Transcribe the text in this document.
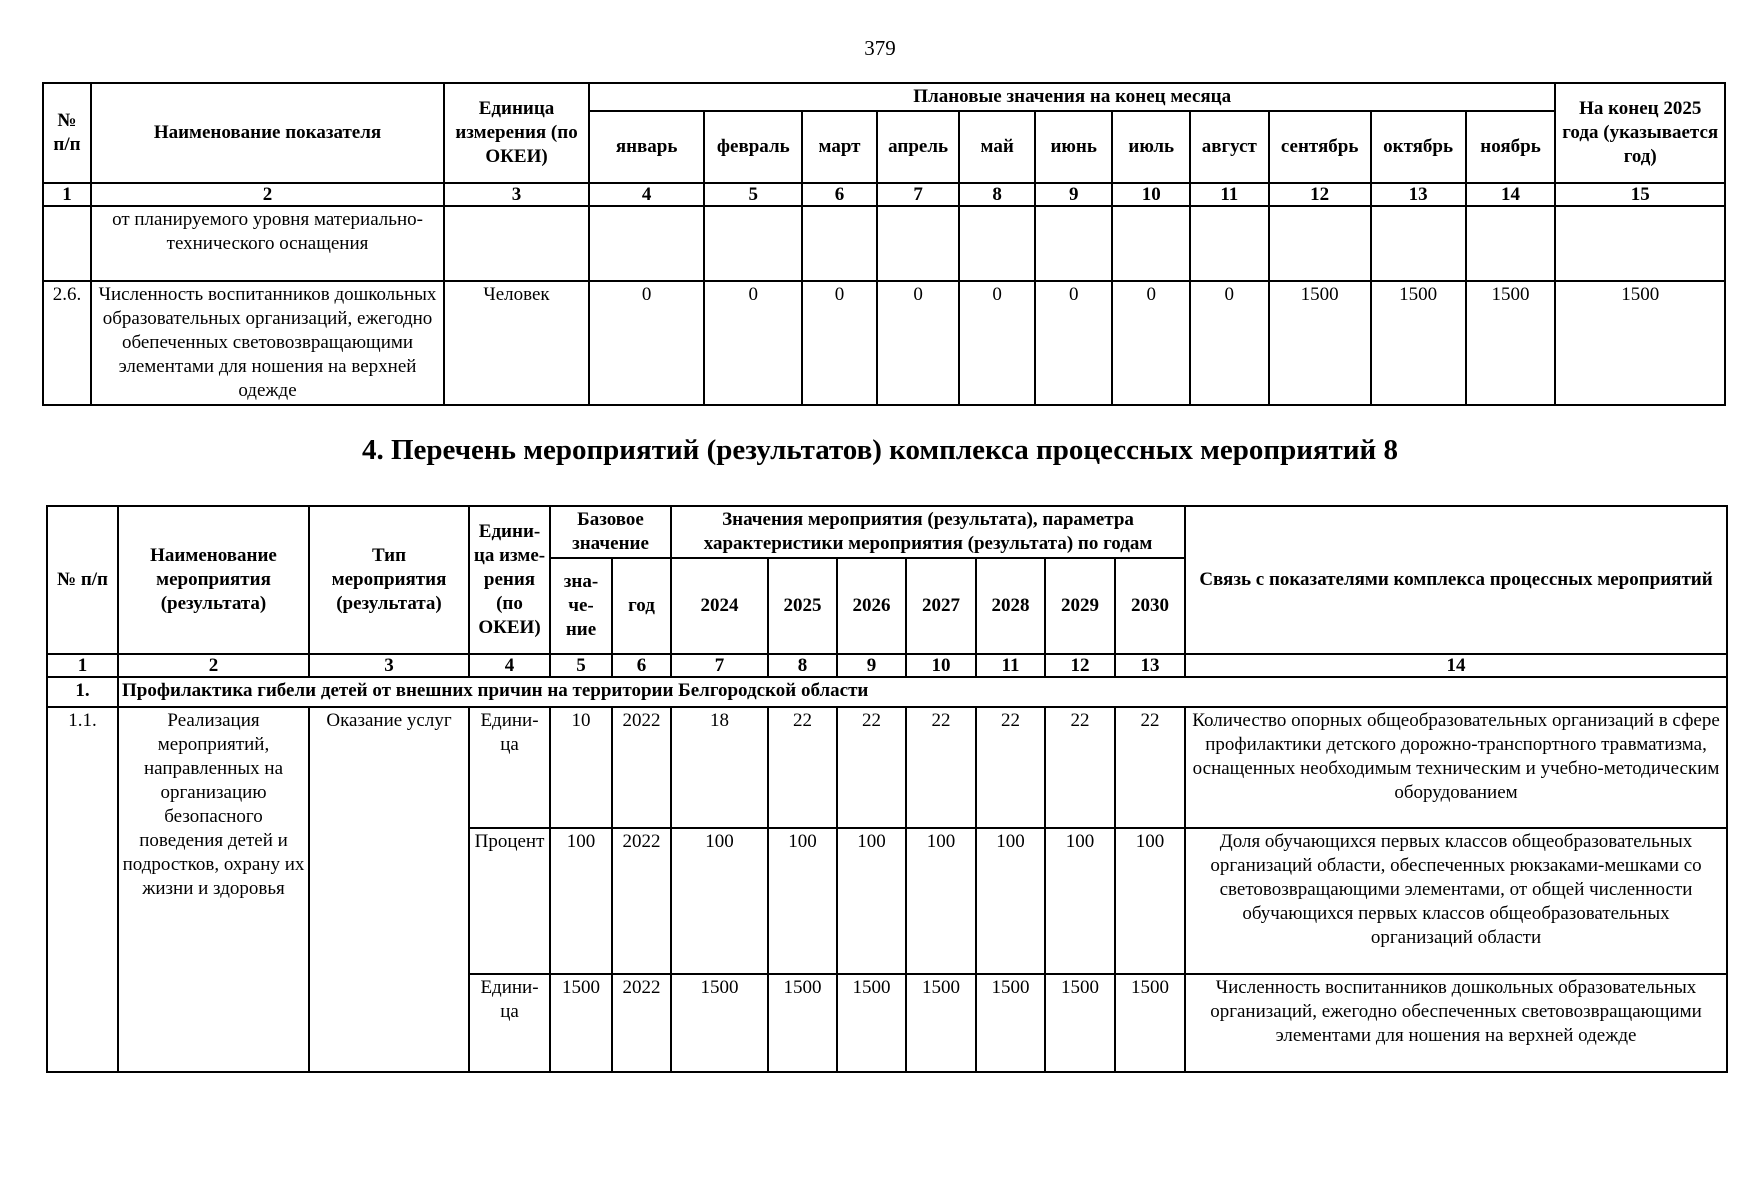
379
№ п/п	Наименование показателя	Единица измерения (по ОКЕИ)	Плановые значения на конец месяца											На конец 2025 года (указывается год)
			январь	февраль	март	апрель	май	июнь	июль	август	сентябрь	октябрь	ноябрь	
1	2	3	4	5	6	7	8	9	10	11	12	13	14	15
	от планируемого уровня материально-технического оснащения													
2.6.	Численность воспитанников дошкольных образовательных организаций, ежегодно обепеченных световозвращающими элементами для ношения на верхней одежде	Человек	0	0	0	0	0	0	0	0	1500	1500	1500	1500
4. Перечень мероприятий (результатов) комплекса процессных мероприятий 8
№ п/п	Наименование мероприятия (результата)	Тип мероприятия (результата)	Едини-ца изме-рения (по ОКЕИ)	Базовое значение		Значения мероприятия (результата), параметра характеристики мероприятия (результата) по годам							Связь с показателями комплекса процессных мероприятий
				зна-че-ние	год	2024	2025	2026	2027	2028	2029	2030	
1	2	3	4	5	6	7	8	9	10	11	12	13	14
1.	Профилактика гибели детей от внешних причин на территории Белгородской области												
1.1.	Реализация мероприятий, направленных на организацию безопасного поведения детей и подростков, охрану их жизни и здоровья	Оказание услуг	Едини-ца	10	2022	18	22	22	22	22	22	22	Количество опорных общеобразовательных организаций в сфере профилактики детского дорожно-транспортного травматизма, оснащенных необходимым техническим и учебно-методическим оборудованием
			Процент	100	2022	100	100	100	100	100	100	100	Доля обучающихся первых классов общеобразовательных организаций области, обеспеченных рюкзаками-мешками со световозвращающими элементами, от общей численности обучающихся первых классов общеобразовательных организаций области
			Едини-ца	1500	2022	1500	1500	1500	1500	1500	1500	1500	Численность воспитанников дошкольных образовательных организаций, ежегодно обеспеченных световозвращающими элементами для ношения на верхней одежде
